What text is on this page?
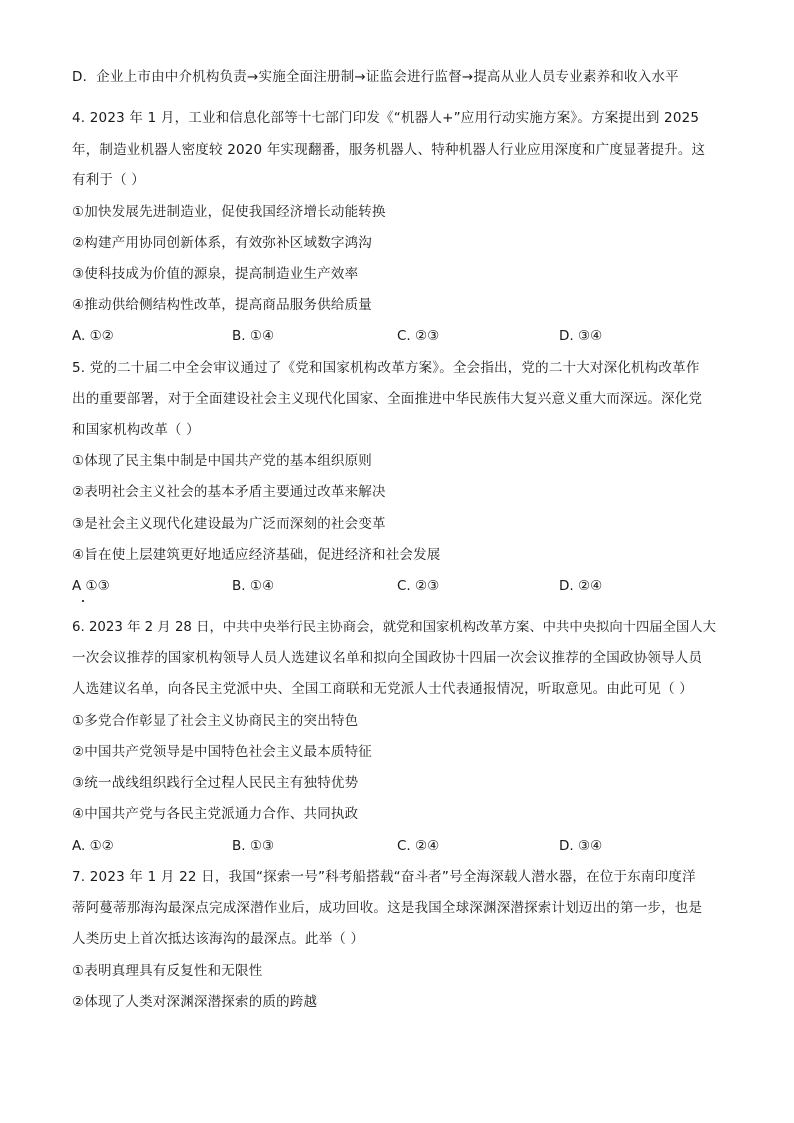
D．企业上市由中介机构负责→实施全面注册制→证监会进行监督→提高从业人员专业素养和收入水平
4. 2023 年 1 月，工业和信息化部等十七部门印发《“机器人+”应用行动实施方案》。方案提出到 2025
年，制造业机器人密度较 2020 年实现翻番，服务机器人、特种机器人行业应用深度和广度显著提升。这
有利于（ ）
①加快发展先进制造业，促使我国经济增长动能转换
②构建产用协同创新体系，有效弥补区域数字鸿沟
③使科技成为价值的源泉，提高制造业生产效率
④推动供给侧结构性改革，提高商品服务供给质量
A. ①②	B. ①④	C. ②③	D. ③④
5. 党的二十届二中全会审议通过了《党和国家机构改革方案》。全会指出，党的二十大对深化机构改革作
出的重要部署，对于全面建设社会主义现代化国家、全面推进中华民族伟大复兴意义重大而深远。深化党
和国家机构改革（ ）
①体现了民主集中制是中国共产党的基本组织原则
②表明社会主义社会的基本矛盾主要通过改革来解决
③是社会主义现代化建设最为广泛而深刻的社会变革
④旨在使上层建筑更好地适应经济基础，促进经济和社会发展
A ①③	B. ①④	C. ②③	D. ②④
6. 2023 年 2 月 28 日，中共中央举行民主协商会，就党和国家机构改革方案、中共中央拟向十四届全国人大
一次会议推荐的国家机构领导人员人选建议名单和拟向全国政协十四届一次会议推荐的全国政协领导人员
人选建议名单，向各民主党派中央、全国工商联和无党派人士代表通报情况，听取意见。由此可见（ ）
①多党合作彰显了社会主义协商民主的突出特色
②中国共产党领导是中国特色社会主义最本质特征
③统一战线组织践行全过程人民民主有独特优势
④中国共产党与各民主党派通力合作、共同执政
A. ①②	B. ①③	C. ②④	D. ③④
7. 2023 年 1 月 22 日，我国“探索一号”科考船搭载“奋斗者”号全海深载人潜水器，在位于东南印度洋
蒂阿蔓蒂那海沟最深点完成深潜作业后，成功回收。这是我国全球深渊深潜探索计划迈出的第一步，也是
人类历史上首次抵达该海沟的最深点。此举（ ）
①表明真理具有反复性和无限性
②体现了人类对深渊深潜探索的质的跨越
